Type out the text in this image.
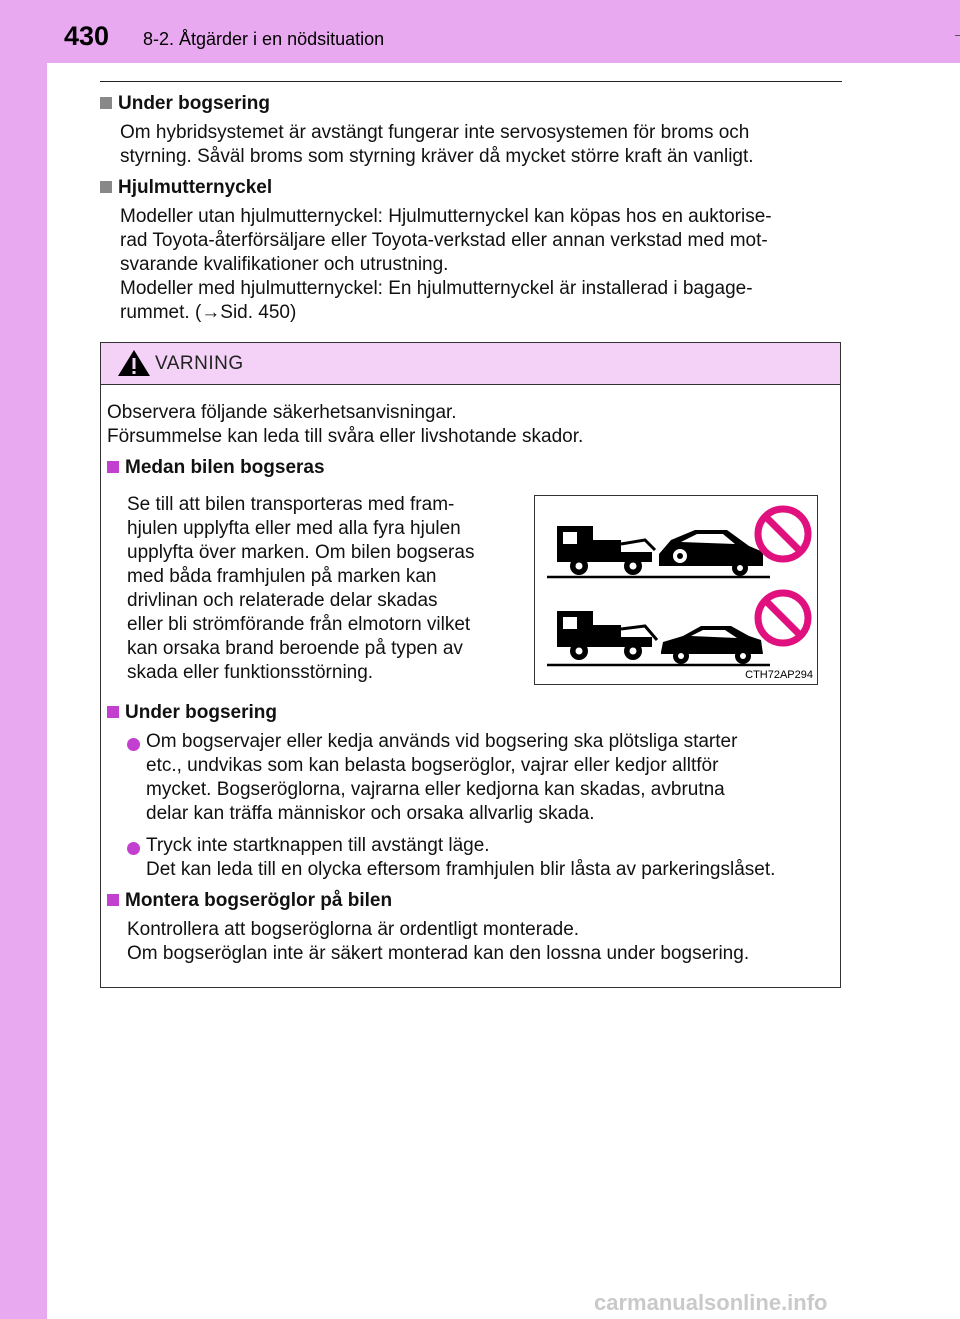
430 8-2. Åtgärder i en nödsituation
Under bogsering
Om hybridsystemet är avstängt fungerar inte servosystemen för broms och
styrning. Såväl broms som styrning kräver då mycket större kraft än vanligt.
Hjulmutternyckel
Modeller utan hjulmutternyckel: Hjulmutternyckel kan köpas hos en auktorise-
rad Toyota-återförsäljare eller Toyota-verkstad eller annan verkstad med mot-
svarande kvalifikationer och utrustning.
Modeller med hjulmutternyckel: En hjulmutternyckel är installerad i bagage-
rummet. (→Sid. 450)
VARNING
Observera följande säkerhetsanvisningar.
Försummelse kan leda till svåra eller livshotande skador.
Medan bilen bogseras
Se till att bilen transporteras med fram-
hjulen upplyfta eller med alla fyra hjulen
upplyfta över marken. Om bilen bogseras
med båda framhjulen på marken kan
drivlinan och relaterade delar skadas
eller bli strömförande från elmotorn vilket
kan orsaka brand beroende på typen av
skada eller funktionsstörning.	CTH72AP294
Under bogsering
Om bogservajer eller kedja används vid bogsering ska plötsliga starter
etc., undvikas som kan belasta bogseröglor, vajrar eller kedjor alltför
mycket. Bogseröglorna, vajrarna eller kedjorna kan skadas, avbrutna
delar kan träffa människor och orsaka allvarlig skada.
Tryck inte startknappen till avstängt läge.
Det kan leda till en olycka eftersom framhjulen blir låsta av parkeringslåset.
Montera bogseröglor på bilen
Kontrollera att bogseröglorna är ordentligt monterade.
Om bogseröglan inte är säkert monterad kan den lossna under bogsering.
carmanualsonline.info
